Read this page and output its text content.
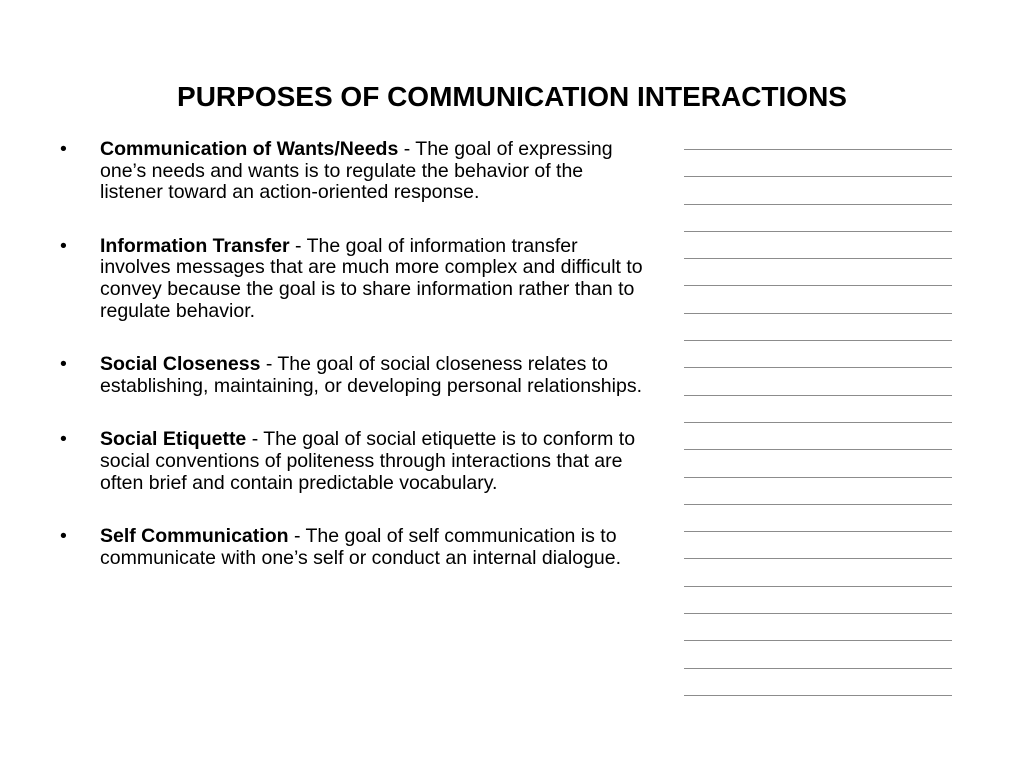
PURPOSES OF COMMUNICATION INTERACTIONS
•	Communication of Wants/Needs - The goal of expressing one’s needs and wants is to regulate the behavior of the listener toward an action-oriented response.
•	Information Transfer - The goal of information transfer involves messages that are much more complex and difficult to convey because the goal is to share information rather than to regulate behavior.
•	Social Closeness - The goal of social closeness relates to establishing, maintaining, or developing personal relationships.
•	Social Etiquette - The goal of social etiquette is to conform to social conventions of politeness through interactions that are often brief and contain predictable vocabulary.
•	Self Communication - The goal of self communication is to communicate with one’s self or conduct an internal dialogue.
